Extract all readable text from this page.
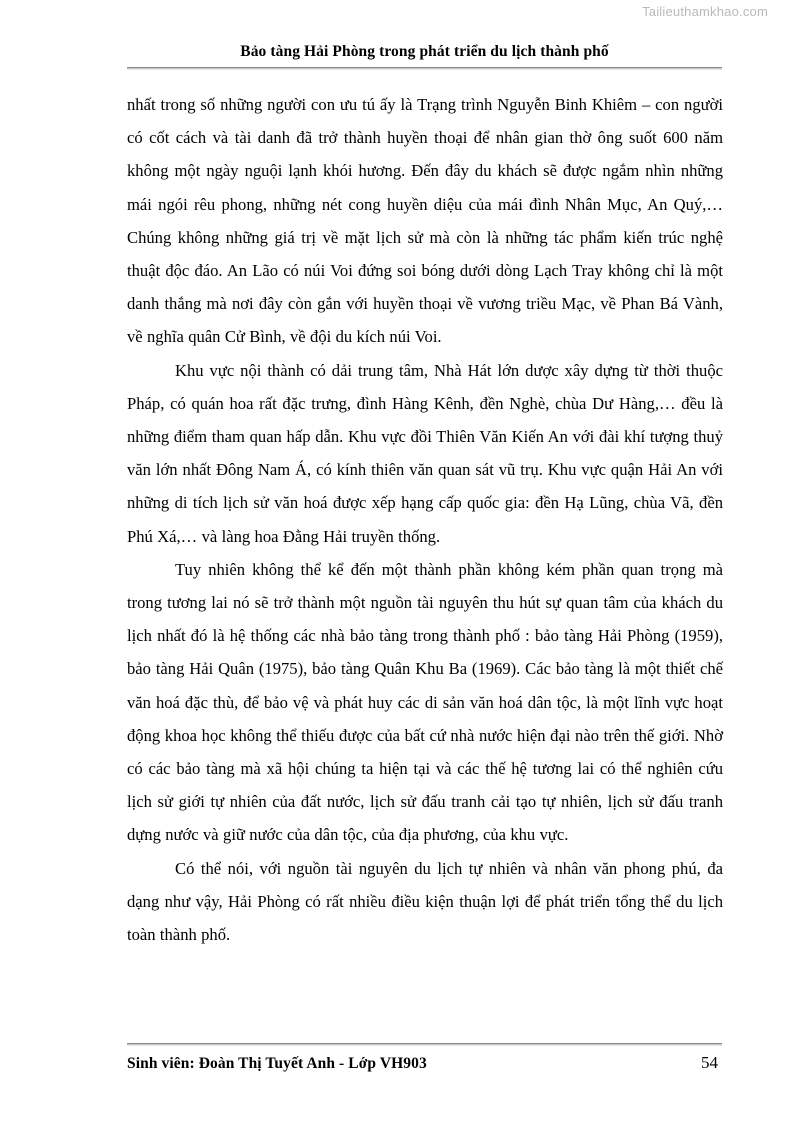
Tailieuthamkhao.com
Bảo tàng Hải Phòng trong phát triển du lịch thành phố

nhất trong số những người con ưu tú ấy là Trạng trình Nguyễn Binh Khiêm – con người có cốt cách và tài danh đã trở thành huyền thoại để nhân gian thờ ông suốt 600 năm không một ngày nguội lạnh khói hương. Đến đây du khách sẽ được ngắm nhìn những mái ngói rêu phong, những nét cong huyền diệu của mái đình Nhân Mục, An Quý,… Chúng không những giá trị về mặt lịch sử mà còn là những tác phẩm kiến trúc nghệ thuật độc đáo. An Lão có núi Voi đứng soi bóng dưới dòng Lạch Tray không chỉ là một danh thắng mà nơi đây còn gắn với huyền thoại về vương triều Mạc, về Phan Bá Vành, về nghĩa quân Cử Bình, về đội du kích núi Voi.

Khu vực nội thành có dải trung tâm, Nhà Hát lớn dược xây dựng từ thời thuộc Pháp, có quán hoa rất đặc trưng, đình Hàng Kênh, đền Nghè, chùa Dư Hàng,… đều là những điểm tham quan hấp dẫn. Khu vực đồi Thiên Văn Kiến An với đài khí tượng thuỷ văn lớn nhất Đông Nam Á, có kính thiên văn quan sát vũ trụ. Khu vực quận Hải An với những di tích lịch sử văn hoá được xếp hạng cấp quốc gia: đền Hạ Lũng, chùa Vã, đền Phú Xá,… và làng hoa Đằng Hải truyền thống.

Tuy nhiên không thể kể đến một thành phần không kém phần quan trọng mà trong tương lai nó sẽ trở thành một nguồn tài nguyên thu hút sự quan tâm của khách du lịch nhất đó là hệ thống các nhà bảo tàng trong thành phố : bảo tàng Hải Phòng (1959), bảo tàng Hải Quân (1975), bảo tàng Quân Khu Ba (1969). Các bảo tàng là một thiết chế văn hoá đặc thù, để bảo vệ và phát huy các di sản văn hoá dân tộc, là một lĩnh vực hoạt động khoa học không thể thiếu được của bất cứ nhà nước hiện đại nào trên thế giới. Nhờ có các bảo tàng mà xã hội chúng ta hiện tại và các thế hệ tương lai có thể nghiên cứu lịch sử giới tự nhiên của đất nước, lịch sử đấu tranh cải tạo tự nhiên, lịch sử đấu tranh dựng nước và giữ nước của dân tộc, của địa phương, của khu vực.

Có thể nói, với nguồn tài nguyên du lịch tự nhiên và nhân văn phong phú, đa dạng như vậy, Hải Phòng có rất nhiều điều kiện thuận lợi để phát triển tổng thể du lịch toàn thành phố.

Sinh viên: Đoàn Thị Tuyết Anh - Lớp VH903	54
